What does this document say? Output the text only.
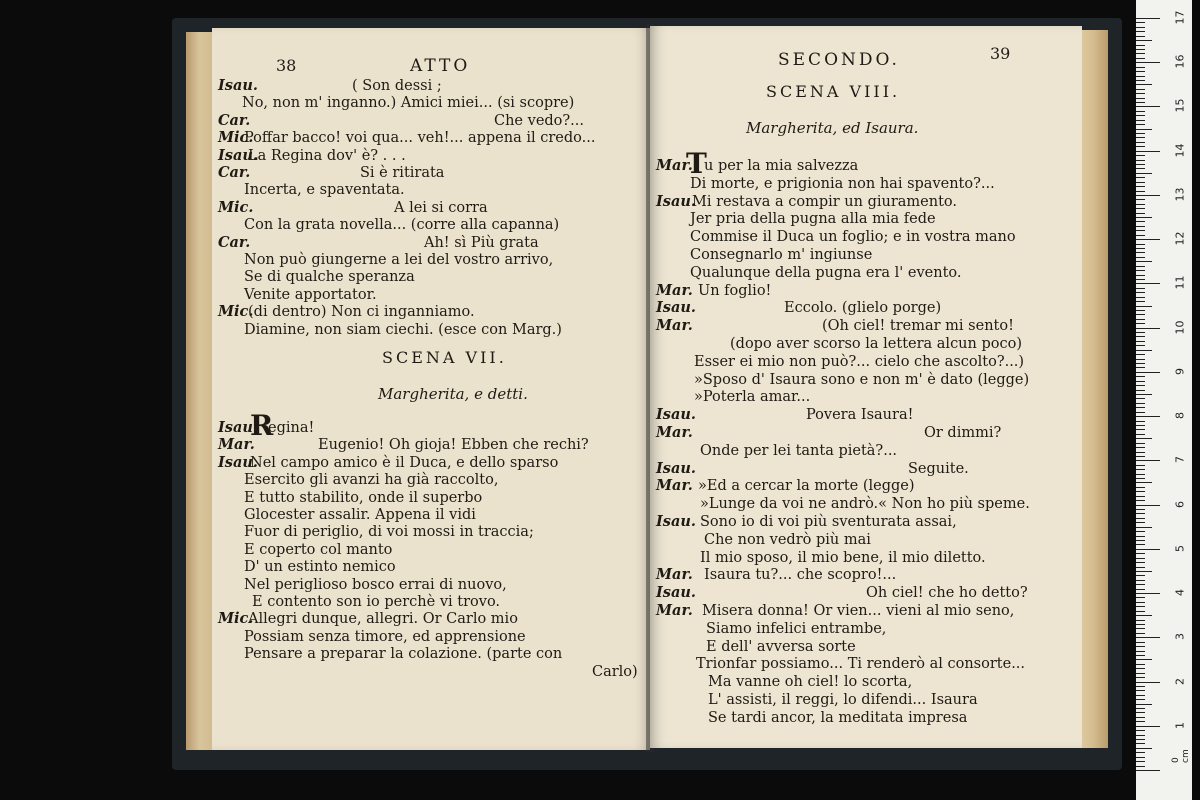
38	ATTO
Isau.	( Son dessi ;
No, non m' inganno.) Amici miei... (si scopre)
Car.	Che vedo?...
Mic.
Poffar bacco! voi qua... veh!... appena il credo...
Isau.
La Regina dov' è? . . .
Car.	Si è ritirata
Incerta, e spaventata.
Mic.	A lei si corra
Con la grata novella... (corre alla capanna)
Car.	Ah! sì Più grata
Non può giungerne a lei del vostro arrivo,
Se di qualche speranza
Venite apportator.
Mic.
(di dentro) Non ci inganniamo.
Diamine, non siam ciechi. (esce con Marg.)
SCENA VII.
Margherita, e detti.
Isau.
R
egina!
Mar.	Eugenio! Oh gioja! Ebben che rechi?
Isau.
Nel campo amico è il Duca, e dello sparso
Esercito gli avanzi ha già raccolto,
E tutto stabilito, onde il superbo
Glocester assalir. Appena il vidi
Fuor di periglio, di voi mossi in traccia;
E coperto col manto
D' un estinto nemico
Nel periglioso bosco errai di nuovo,
E contento son io perchè vi trovo.
Mic.
Allegri dunque, allegri. Or Carlo mio
Possiam senza timore, ed apprensione
Pensare a preparar la colazione. (parte con
Carlo)
SECONDO.	39
SCENA VIII.
Margherita, ed Isaura.
Mar.
T
u per la mia salvezza
Di morte, e prigionia non hai spavento?...
Isau.
Mi restava a compir un giuramento.
Jer pria della pugna alla mia fede
Commise il Duca un foglio; e in vostra mano
Consegnarlo m' ingiunse
Qualunque della pugna era l' evento.
Mar. Un foglio!
Isau.	Eccolo. (glielo porge)
Mar.	(Oh ciel! tremar mi sento!
(dopo aver scorso la lettera alcun poco)
Esser ei mio non può?... cielo che ascolto?...)
»Sposo d' Isaura sono e non m' è dato (legge)
»Poterla amar...
Isau.	Povera Isaura!
Mar.	Or dimmi?
Onde per lei tanta pietà?...
Isau.	Seguite.
Mar. »Ed a cercar la morte (legge)
»Lunge da voi ne andrò.« Non ho più speme.
Isau. Sono io di voi più sventurata assai,
Che non vedrò più mai
Il mio sposo, il mio bene, il mio diletto.
Mar. Isaura tu?... che scopro!...
Isau.	Oh ciel! che ho detto?
Mar. Misera donna! Or vien... vieni al mio seno,
Siamo infelici entrambe,
E dell' avversa sorte
Trionfar possiamo... Ti renderò al consorte...
Ma vanne oh ciel! lo scorta,
L' assisti, il reggi, lo difendi... Isaura
Se tardi ancor, la meditata impresa
0 cm
17
16
15
14
13
12
11
10
9
8
7
6
5
4
3
2
1
